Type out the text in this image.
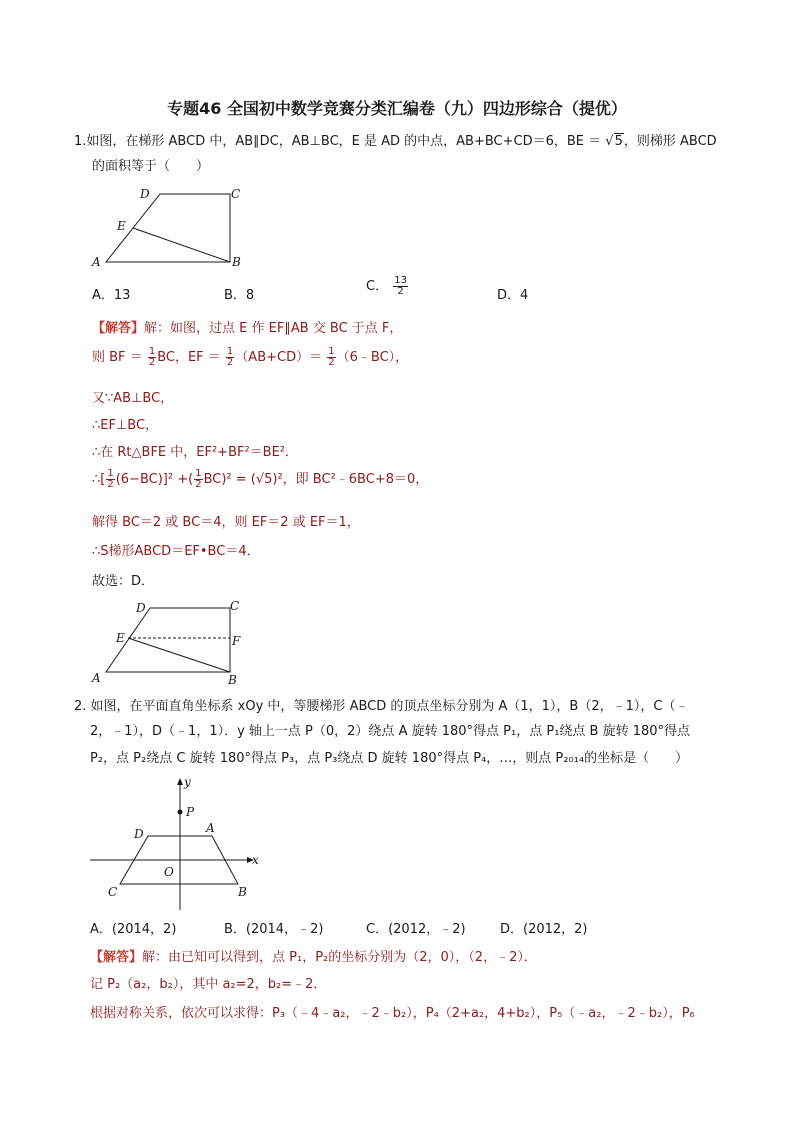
专题46 全国初中数学竞赛分类汇编卷（九）四边形综合（提优）
1.如图，在梯形 ABCD 中，AB∥DC，AB⊥BC，E 是 AD 的中点，AB+BC+CD＝6，BE ＝ √5，则梯形 ABCD
的面积等于（　　）
D	C
E
A	B
A．13	B．8
C． $\frac{13}{2}$	D．4
【解答】解：如图，过点 E 作 EF∥AB 交 BC 于点 F，
则 BF ＝ $\frac{1}{2}$ BC，EF ＝ $\frac{1}{2} (AB+CD)= \frac{1}{2}$ （6﹣BC），
又∵AB⊥BC，
∴EF⊥BC，
∴在 Rt△BFE 中，EF²+BF²＝BE²．
∴[ $\frac{1}{2} (6-BC)]^2$ +( $\frac{1}{2} BC)^2 = (√5)^2$，即 BC²﹣6BC+8＝0，
解得 BC＝2 或 BC＝4，则 EF＝2 或 EF＝1，
∴S梯形ABCD＝EF•BC＝4．
故选：D．
D	C
E	F
A	B
2. 如图，在平面直角坐标系 xOy 中，等腰梯形 ABCD 的顶点坐标分别为 A（1，1），B（2，﹣1），C（﹣
2，﹣1），D（﹣1，1）．y 轴上一点 P（0，2）绕点 A 旋转 180°得点 P₁，点 P₁绕点 B 旋转 180°得点
P₂，点 P₂绕点 C 旋转 180°得点 P₃，点 P₃绕点 D 旋转 180°得点 P₄，…，则点 P₂₀₁₄的坐标是（　　）
y
x
P
D	A
O
C	B
A．(2014，2)	B．(2014，﹣2)	C．(2012，﹣2)	D．(2012，2)
【解答】解：由已知可以得到，点 P₁，P₂的坐标分别为（2，0），（2，﹣2）．
记 P₂（a₂，b₂），其中 a₂=2，b₂=﹣2．
根据对称关系，依次可以求得：P₃（﹣4﹣a₂，﹣2﹣b₂），P₄（2+a₂，4+b₂），P₅（﹣a₂，﹣2﹣b₂），P₆
